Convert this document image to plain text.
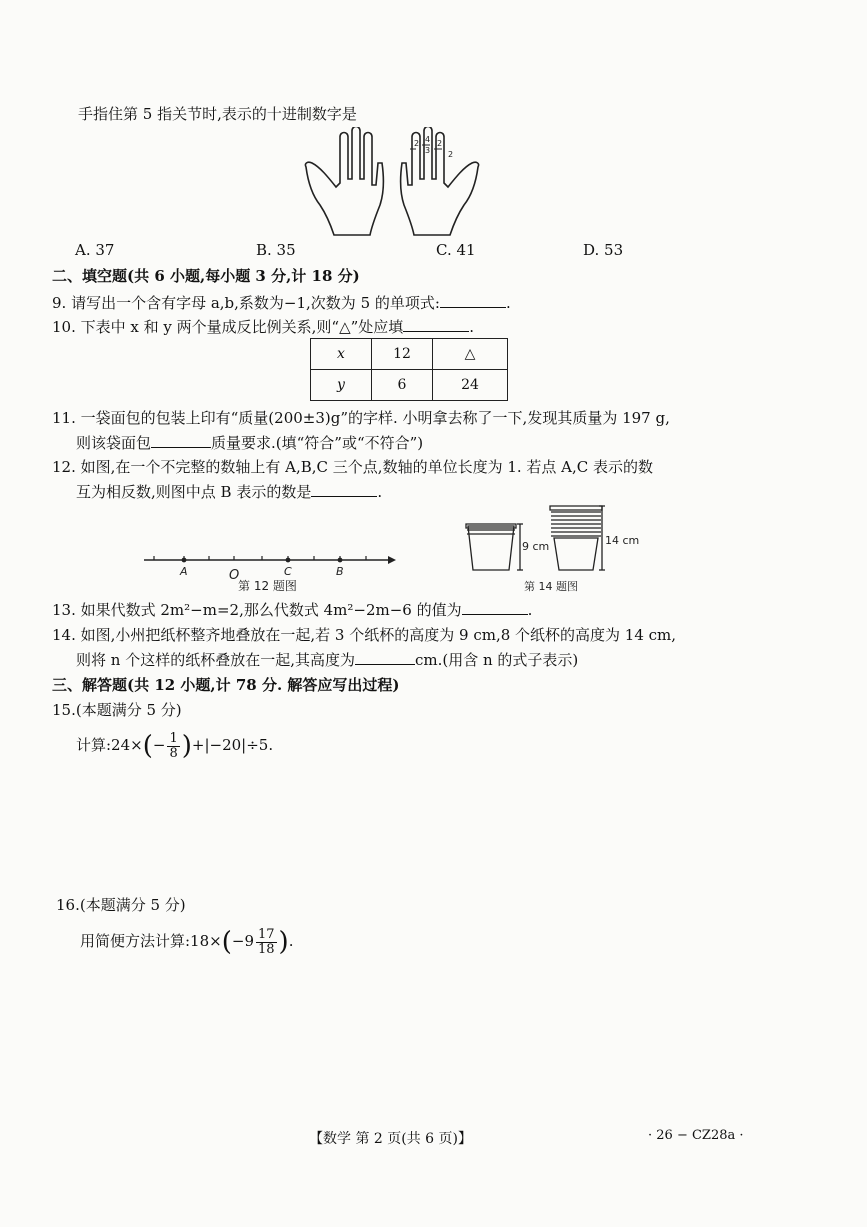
手指住第 5 指关节时,表示的十进制数字是
2 4
3
2
2
A. 37	B. 35	C. 41	D. 53
二、填空题(共 6 小题,每小题 3 分,计 18 分)
9. 请写出一个含有字母 a,b,系数为−1,次数为 5 的单项式:	.
10. 下表中 x 和 y 两个量成反比例关系,则“△”处应填	.
x	12	△
y	6	24
11. 一袋面包的包装上印有“质量(200±3)g”的字样. 小明拿去称了一下,发现其质量为 197 g,
则该袋面包	质量要求.(填“符合”或“不符合”)
12. 如图,在一个不完整的数轴上有 A,B,C 三个点,数轴的单位长度为 1. 若点 A,C 表示的数
互为相反数,则图中点 B 表示的数是	.
A	O	C	B
第 12 题图
9 cm	14 cm
第 14 题图
13. 如果代数式 2m²−m=2,那么代数式 4m²−2m−6 的值为	.
14. 如图,小州把纸杯整齐地叠放在一起,若 3 个纸杯的高度为 9 cm,8 个纸杯的高度为 14 cm,
则将 n 个这样的纸杯叠放在一起,其高度为	cm.(用含 n 的式子表示)
三、解答题(共 12 小题,计 78 分. 解答应写出过程)
15.(本题满分 5 分)
计算:24×(− $\frac{1}{8} )+|-20|\div 5$.
16.(本题满分 5 分)
用简便方法计算:18×(−9 $\frac{17}{18}$ ).
【数学 第 2 页(共 6 页)】	· 26 − CZ28a ·
